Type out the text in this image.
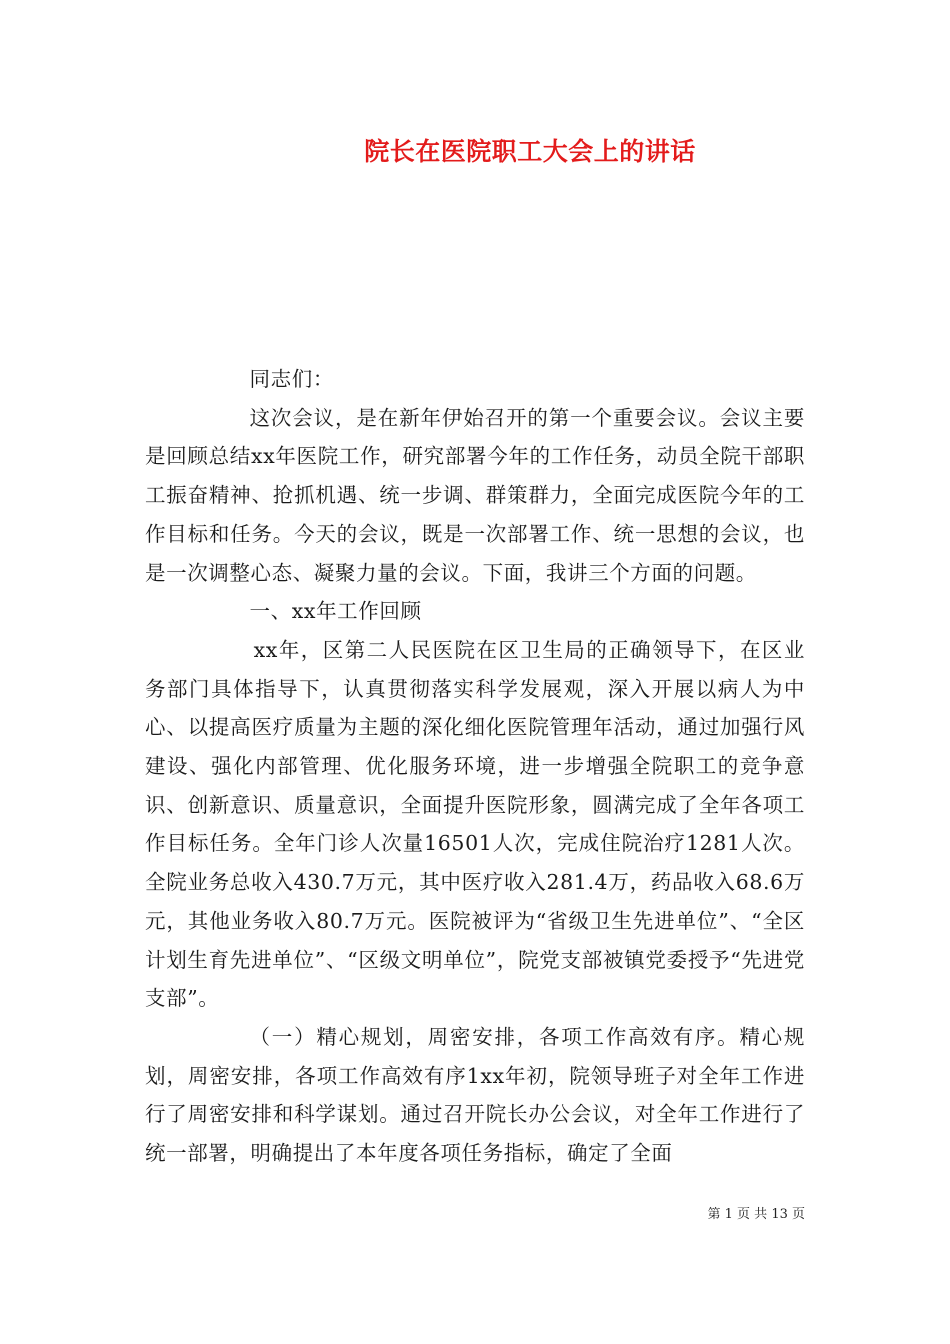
院长在医院职工大会上的讲话

同志们：

这次会议，是在新年伊始召开的第一个重要会议。会议主要是回顾总结xx年医院工作，研究部署今年的工作任务，动员全院干部职工振奋精神、抢抓机遇、统一步调、群策群力，全面完成医院今年的工作目标和任务。今天的会议，既是一次部署工作、统一思想的会议，也是一次调整心态、凝聚力量的会议。下面，我讲三个方面的问题。

一、xx年工作回顾

xx年，区第二人民医院在区卫生局的正确领导下，在区业务部门具体指导下，认真贯彻落实科学发展观，深入开展以病人为中心、以提高医疗质量为主题的深化细化医院管理年活动，通过加强行风建设、强化内部管理、优化服务环境，进一步增强全院职工的竞争意识、创新意识、质量意识，全面提升医院形象，圆满完成了全年各项工作目标任务。全年门诊人次量16501人次，完成住院治疗1281人次。全院业务总收入430.7万元，其中医疗收入281.4万，药品收入68.6万元，其他业务收入80.7万元。医院被评为“省级卫生先进单位”、“全区计划生育先进单位”、“区级文明单位”，院党支部被镇党委授予“先进党支部”。

（一）精心规划，周密安排，各项工作高效有序。精心规划，周密安排，各项工作高效有序1xx年初，院领导班子对全年工作进行了周密安排和科学谋划。通过召开院长办公会议，对全年工作进行了统一部署，明确提出了本年度各项任务指标，确定了全面

第 1 页 共 13 页
